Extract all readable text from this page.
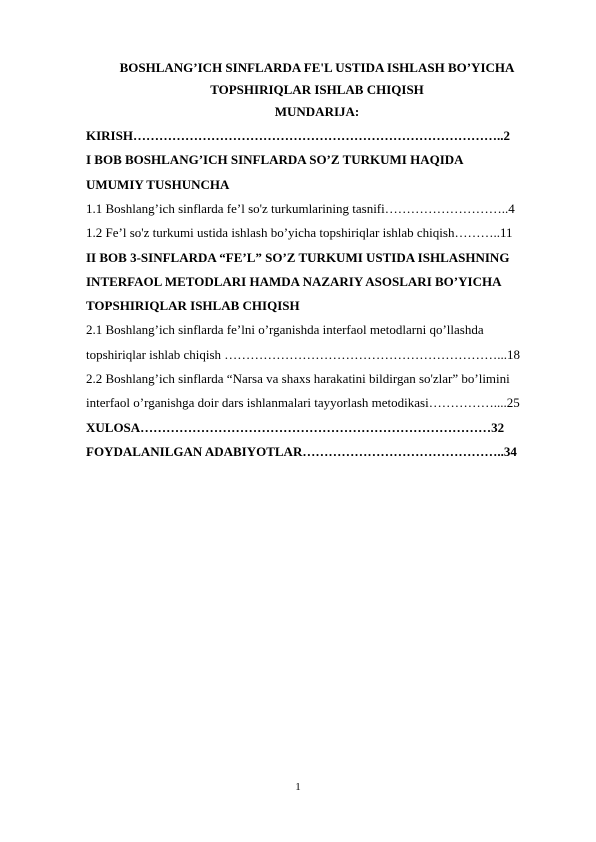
BOSHLANG’ICH SINFLARDA FE'L USTIDA ISHLASH BO’YICHA
TOPSHIRIQLAR ISHLAB CHIQISH
MUNDARIJA:
KIRISH…………………………………………………………………………..2
I BOB BOSHLANG’ICH SINFLARDA SO’Z TURKUMI HAQIDA
UMUMIY TUSHUNCHA
1.1 Boshlang’ich sinflarda fe’l so'z turkumlarining tasnifi………………………..4
1.2 Fe’l so'z turkumi ustida ishlash bo’yicha topshiriqlar ishlab chiqish………..11
II BOB 3-SINFLARDA “FE’L” SO’Z TURKUMI USTIDA ISHLASHNING
INTERFAOL METODLARI HAMDA NAZARIY ASOSLARI BO’YICHA
TOPSHIRIQLAR ISHLAB CHIQISH
2.1 Boshlang’ich sinflarda fe’lni o’rganishda interfaol metodlarni qo’llashda
topshiriqlar ishlab chiqish ………………………………………………………...18
2.2 Boshlang’ich sinflarda “Narsa va shaxs harakatini bildirgan so'zlar” bo’limini
interfaol o’rganishga doir dars ishlanmalari tayyorlash metodikasi……………....25
XULOSA………………………………………………………………………32
FOYDALANILGAN ADABIYOTLAR………………………………………..34
1
